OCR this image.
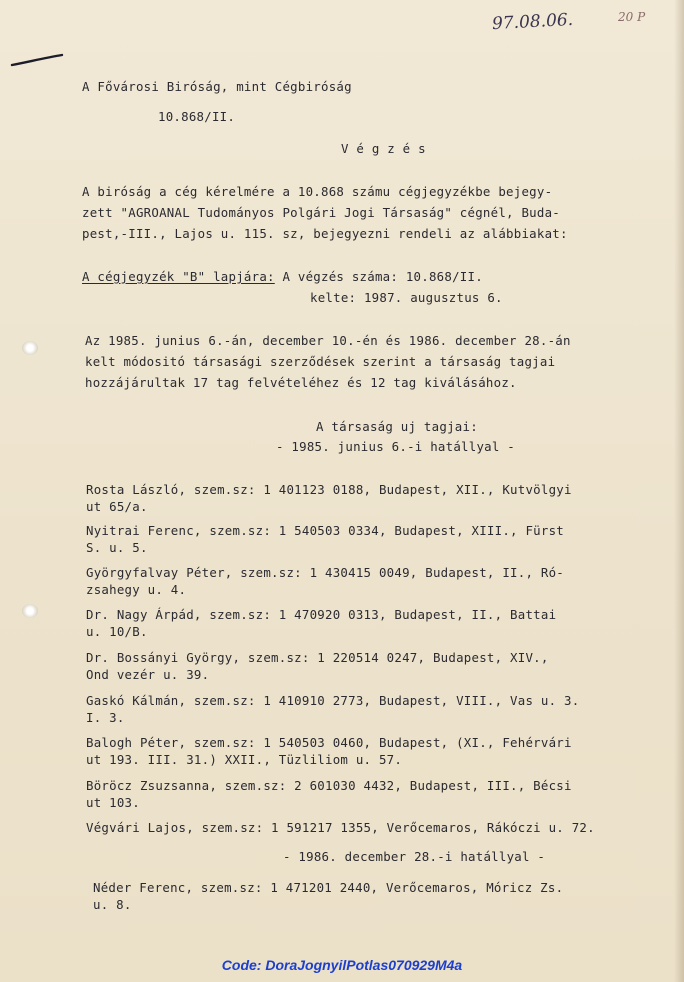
97.08.06.	20 P
A Fővárosi Biróság, mint Cégbiróság
10.868/II.
V é g z é s
A biróság a cég kérelmére a 10.868 számu cégjegyzékbe bejegy-
zett "AGROANAL Tudományos Polgári Jogi Társaság" cégnél, Buda-
pest,-III., Lajos u. 115. sz, bejegyezni rendeli az alábbiakat:
A cégjegyzék "B" lapjára: A végzés száma: 10.868/II.
kelte: 1987. augusztus 6.
Az 1985. junius 6.-án, december 10.-én és 1986. december 28.-án
kelt módositó társasági szerződések szerint a társaság tagjai
hozzájárultak 17 tag felvételéhez és 12 tag kiválásához.
A társaság uj tagjai:
- 1985. junius 6.-i hatállyal -
Rosta László, szem.sz: 1 401123 0188, Budapest, XII., Kutvölgyi
ut 65/a.
Nyitrai Ferenc, szem.sz: 1 540503 0334, Budapest, XIII., Fürst
S. u. 5.
Györgyfalvay Péter, szem.sz: 1 430415 0049, Budapest, II., Ró-
zsahegy u. 4.
Dr. Nagy Árpád, szem.sz: 1 470920 0313, Budapest, II., Battai
u. 10/B.
Dr. Bossányi György, szem.sz: 1 220514 0247, Budapest, XIV.,
Ond vezér u. 39.
Gaskó Kálmán, szem.sz: 1 410910 2773, Budapest, VIII., Vas u. 3.
I. 3.
Balogh Péter, szem.sz: 1 540503 0460, Budapest, (XI., Fehérvári
ut 193. III. 31.) XXII., Tüzliliom u. 57.
Böröcz Zsuzsanna, szem.sz: 2 601030 4432, Budapest, III., Bécsi
ut 103.
Végvári Lajos, szem.sz: 1 591217 1355, Verőcemaros, Rákóczi u. 72.
- 1986. december 28.-i hatállyal -
Néder Ferenc, szem.sz: 1 471201 2440, Verőcemaros, Móricz Zs.
u. 8.
Code: DoraJognyilPotlas070929M4a
